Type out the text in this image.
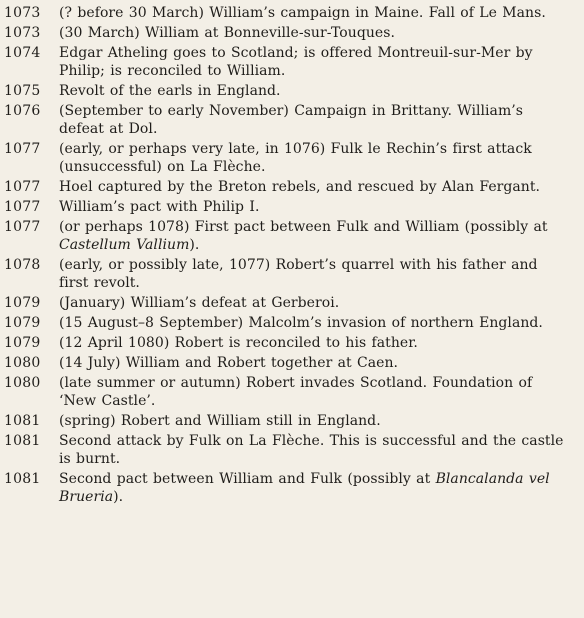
1073	(? before 30 March) William’s campaign in Maine. Fall of Le Mans.
1073	(30 March) William at Bonneville-sur-Touques.
1074	Edgar Atheling goes to Scotland; is offered Montreuil-sur-Mer by Philip; is reconciled to William.
1075	Revolt of the earls in England.
1076	(September to early November) Campaign in Brittany. William’s defeat at Dol.
1077	(early, or perhaps very late, in 1076) Fulk le Rechin’s first attack (unsuccessful) on La Flèche.
1077	Hoel captured by the Breton rebels, and rescued by Alan Fergant.
1077	William’s pact with Philip I.
1077	(or perhaps 1078) First pact between Fulk and William (possibly at Castellum Vallium).
1078	(early, or possibly late, 1077) Robert’s quarrel with his father and first revolt.
1079	(January) William’s defeat at Gerberoi.
1079	(15 August–8 September) Malcolm’s invasion of northern England.
1079	(12 April 1080) Robert is reconciled to his father.
1080	(14 July) William and Robert together at Caen.
1080	(late summer or autumn) Robert invades Scotland. Foundation of ‘New Castle’.
1081	(spring) Robert and William still in England.
1081	Second attack by Fulk on La Flèche. This is successful and the castle is burnt.
1081	Second pact between William and Fulk (possibly at Blancalanda vel Brueria).
